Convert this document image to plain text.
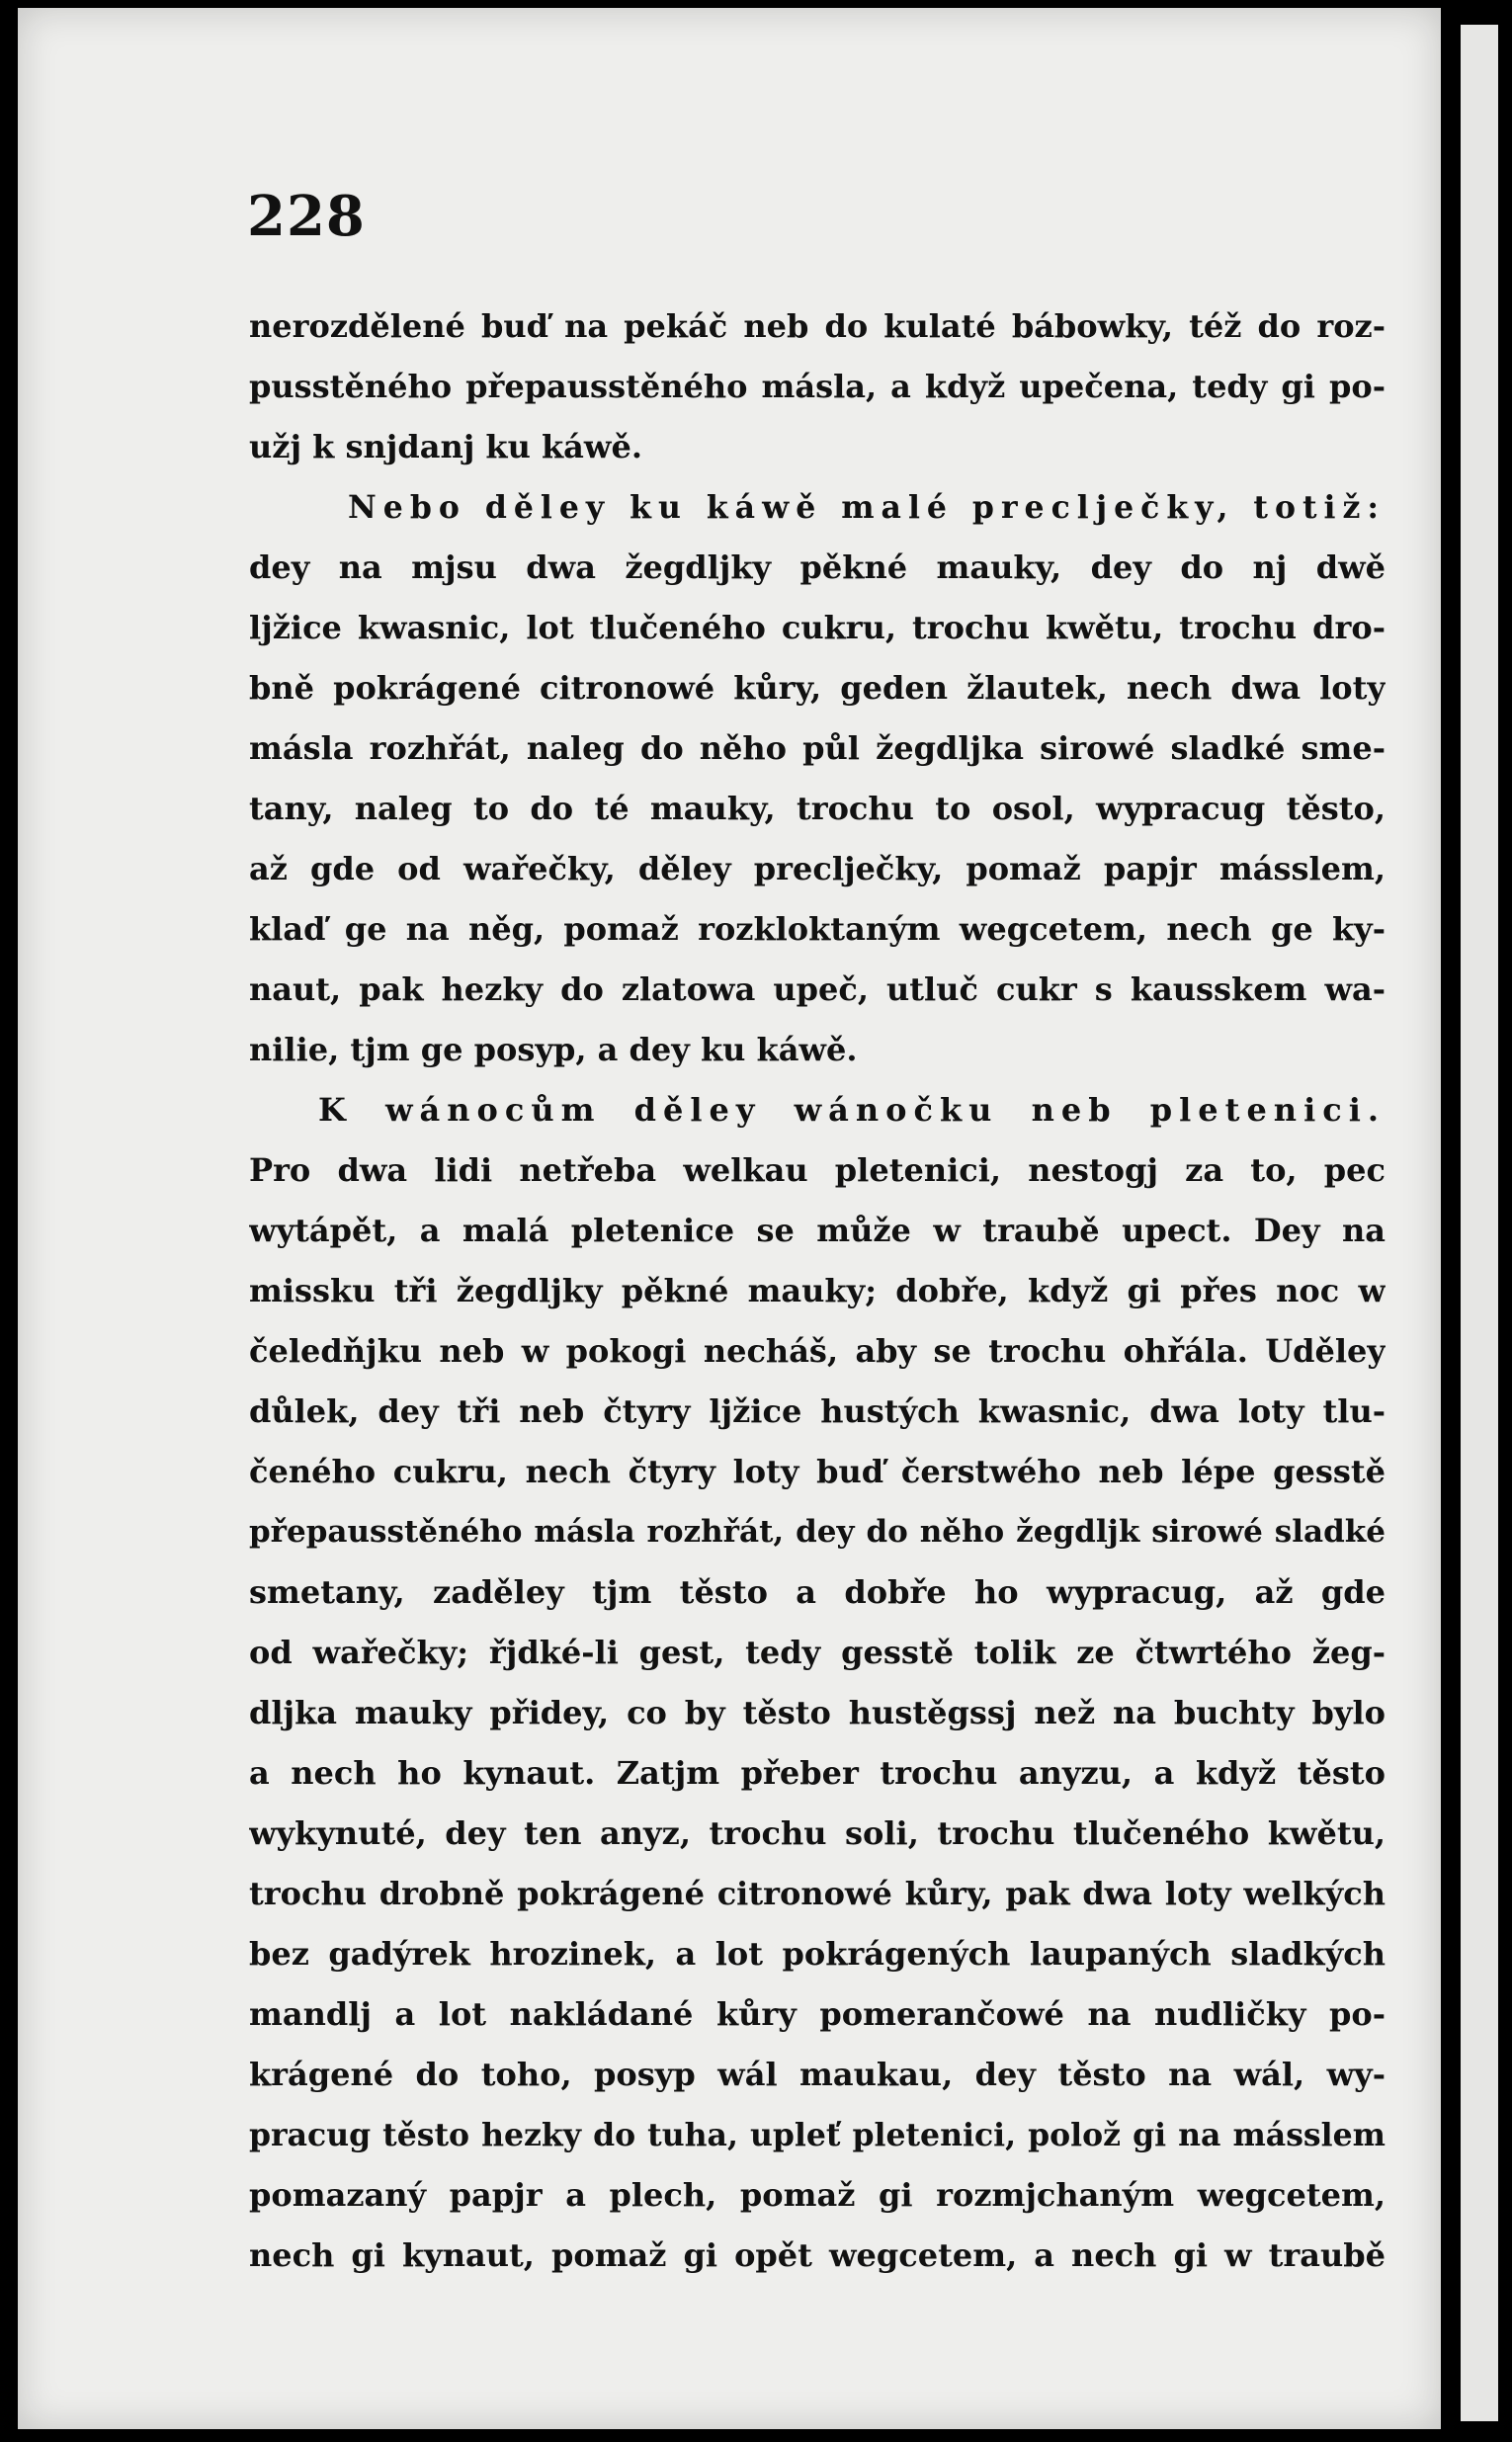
228
nerozdělené buď na pekáč neb do kulaté bábowky, též do roz-
pusstěného přepausstěného másla, a když upečena, tedy gi po-
užj k snjdanj ku káwě.
Nebo děley ku káwě malé preclječky, totiž:
dey na mjsu dwa žegdljky pěkné mauky, dey do nj dwě
ljžice kwasnic, lot tlučeného cukru, trochu kwětu, trochu dro-
bně pokrágené citronowé kůry, geden žlautek, nech dwa loty
másla rozhřát, naleg do něho půl žegdljka sirowé sladké sme-
tany, naleg to do té mauky, trochu to osol, wypracug těsto,
až gde od wařečky, děley preclječky, pomaž papjr másslem,
klaď ge na něg, pomaž rozkloktaným wegcetem, nech ge ky-
naut, pak hezky do zlatowa upeč, utluč cukr s kausskem wa-
nilie, tjm ge posyp, a dey ku káwě.
K wánocům děley wánočku neb pletenici.
Pro dwa lidi netřeba welkau pletenici, nestogj za to, pec
wytápět, a malá pletenice se může w traubě upect. Dey na
missku tři žegdljky pěkné mauky; dobře, když gi přes noc w
čeledňjku neb w pokogi necháš, aby se trochu ohřála. Uděley
důlek, dey tři neb čtyry ljžice hustých kwasnic, dwa loty tlu-
čeného cukru, nech čtyry loty buď čerstwého neb lépe gesstě
přepausstěného másla rozhřát, dey do něho žegdljk sirowé sladké
smetany, zaděley tjm těsto a dobře ho wypracug, až gde
od wařečky; řjdké-li gest, tedy gesstě tolik ze čtwrtého žeg-
dljka mauky přidey, co by těsto hustěgssj než na buchty bylo
a nech ho kynaut. Zatjm přeber trochu anyzu, a když těsto
wykynuté, dey ten anyz, trochu soli, trochu tlučeného kwětu,
trochu drobně pokrágené citronowé kůry, pak dwa loty welkých
bez gadýrek hrozinek, a lot pokrágených laupaných sladkých
mandlj a lot nakládané kůry pomerančowé na nudličky po-
krágené do toho, posyp wál maukau, dey těsto na wál, wy-
pracug těsto hezky do tuha, upleť pletenici, polož gi na másslem
pomazaný papjr a plech, pomaž gi rozmjchaným wegcetem,
nech gi kynaut, pomaž gi opět wegcetem, a nech gi w traubě
